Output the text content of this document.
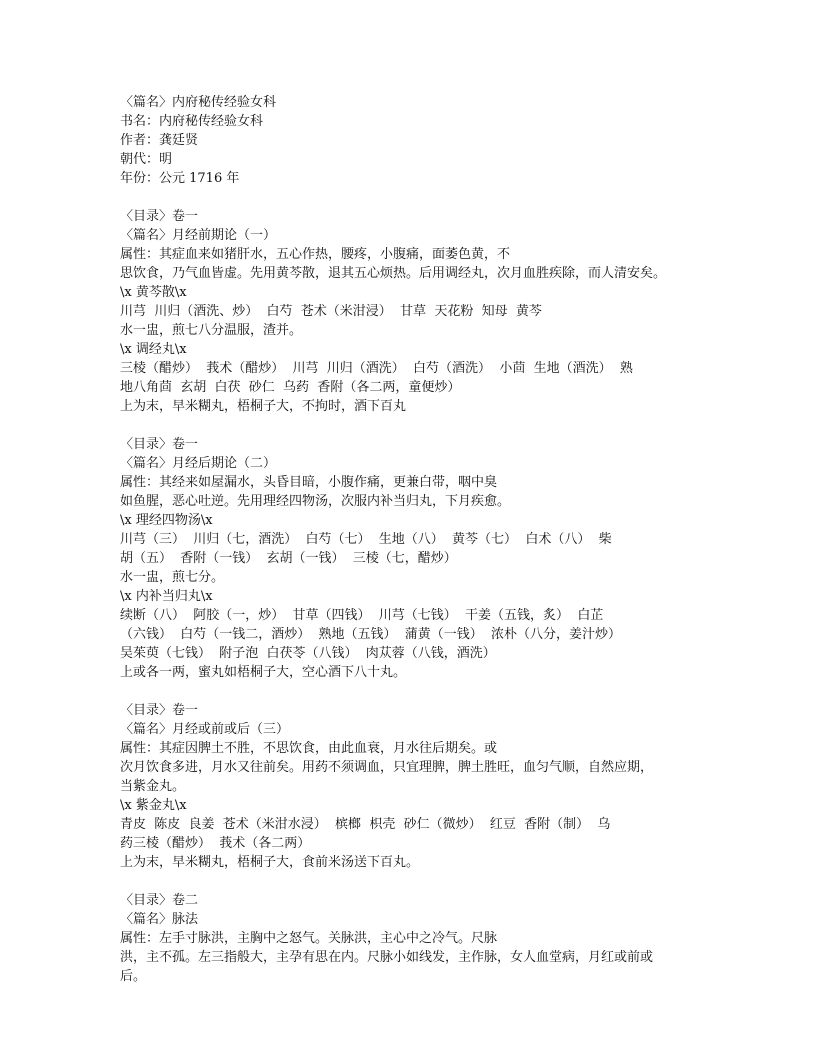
〈篇名〉内府秘传经验女科
书名：内府秘传经验女科
作者：龚廷贤
朝代：明
年份：公元 1716 年
〈目录〉卷一
〈篇名〉月经前期论（一）
属性：其症血来如猪肝水，五心作热，腰疼，小腹痛，面萎色黄，不
思饮食，乃气血皆虚。先用黄芩散，退其五心烦热。后用调经丸，次月血胜疾除，而人清安矣。
\x 黄芩散\x
川芎  川归（酒洗、炒）  白芍  苍术（米泔浸）  甘草  天花粉  知母  黄芩
水一盅，煎七八分温服，渣并。
\x 调经丸\x
三棱（醋炒）  莪术（醋炒）  川芎  川归（酒洗）  白芍（酒洗）  小茴  生地（酒洗）  熟
地八角茴  玄胡  白茯  砂仁  乌药  香附（各二两，童便炒）
上为末，早米糊丸，梧桐子大，不拘时，酒下百丸
〈目录〉卷一
〈篇名〉月经后期论（二）
属性：其经来如屋漏水，头昏目暗，小腹作痛，更兼白带，咽中臭
如鱼腥，恶心吐逆。先用理经四物汤，次服内补当归丸，下月疾愈。
\x 理经四物汤\x
川芎（三）  川归（七，酒洗）  白芍（七）  生地（八）  黄芩（七）  白术（八）  柴
胡（五）  香附（一钱）  玄胡（一钱）  三棱（七，醋炒）
水一盅，煎七分。
\x 内补当归丸\x
续断（八）  阿胶（一，炒）  甘草（四钱）  川芎（七钱）  干姜（五钱，炙）  白芷
（六钱）  白芍（一钱二，酒炒）  熟地（五钱）  蒲黄（一钱）  浓朴（八分，姜汁炒）
吴茱萸（七钱）  附子泡  白茯苓（八钱）  肉苁蓉（八钱，酒洗）
上或各一两，蜜丸如梧桐子大，空心酒下八十丸。
〈目录〉卷一
〈篇名〉月经或前或后（三）
属性：其症因脾土不胜，不思饮食，由此血衰，月水往后期矣。或
次月饮食多进，月水又往前矣。用药不须调血，只宜理脾，脾土胜旺，血匀气顺，自然应期，
当紫金丸。
\x 紫金丸\x
青皮  陈皮  良姜  苍术（米泔水浸）  槟榔  枳壳  砂仁（微炒）  红豆  香附（制）  乌
药三棱（醋炒）  莪术（各二两）
上为末，早米糊丸，梧桐子大，食前米汤送下百丸。
〈目录〉卷二
〈篇名〉脉法
属性：左手寸脉洪，主胸中之怒气。关脉洪，主心中之冷气。尺脉
洪，主不孤。左三指般大，主孕有思在内。尺脉小如线发，主作脉，女人血堂病，月红或前或
后。
